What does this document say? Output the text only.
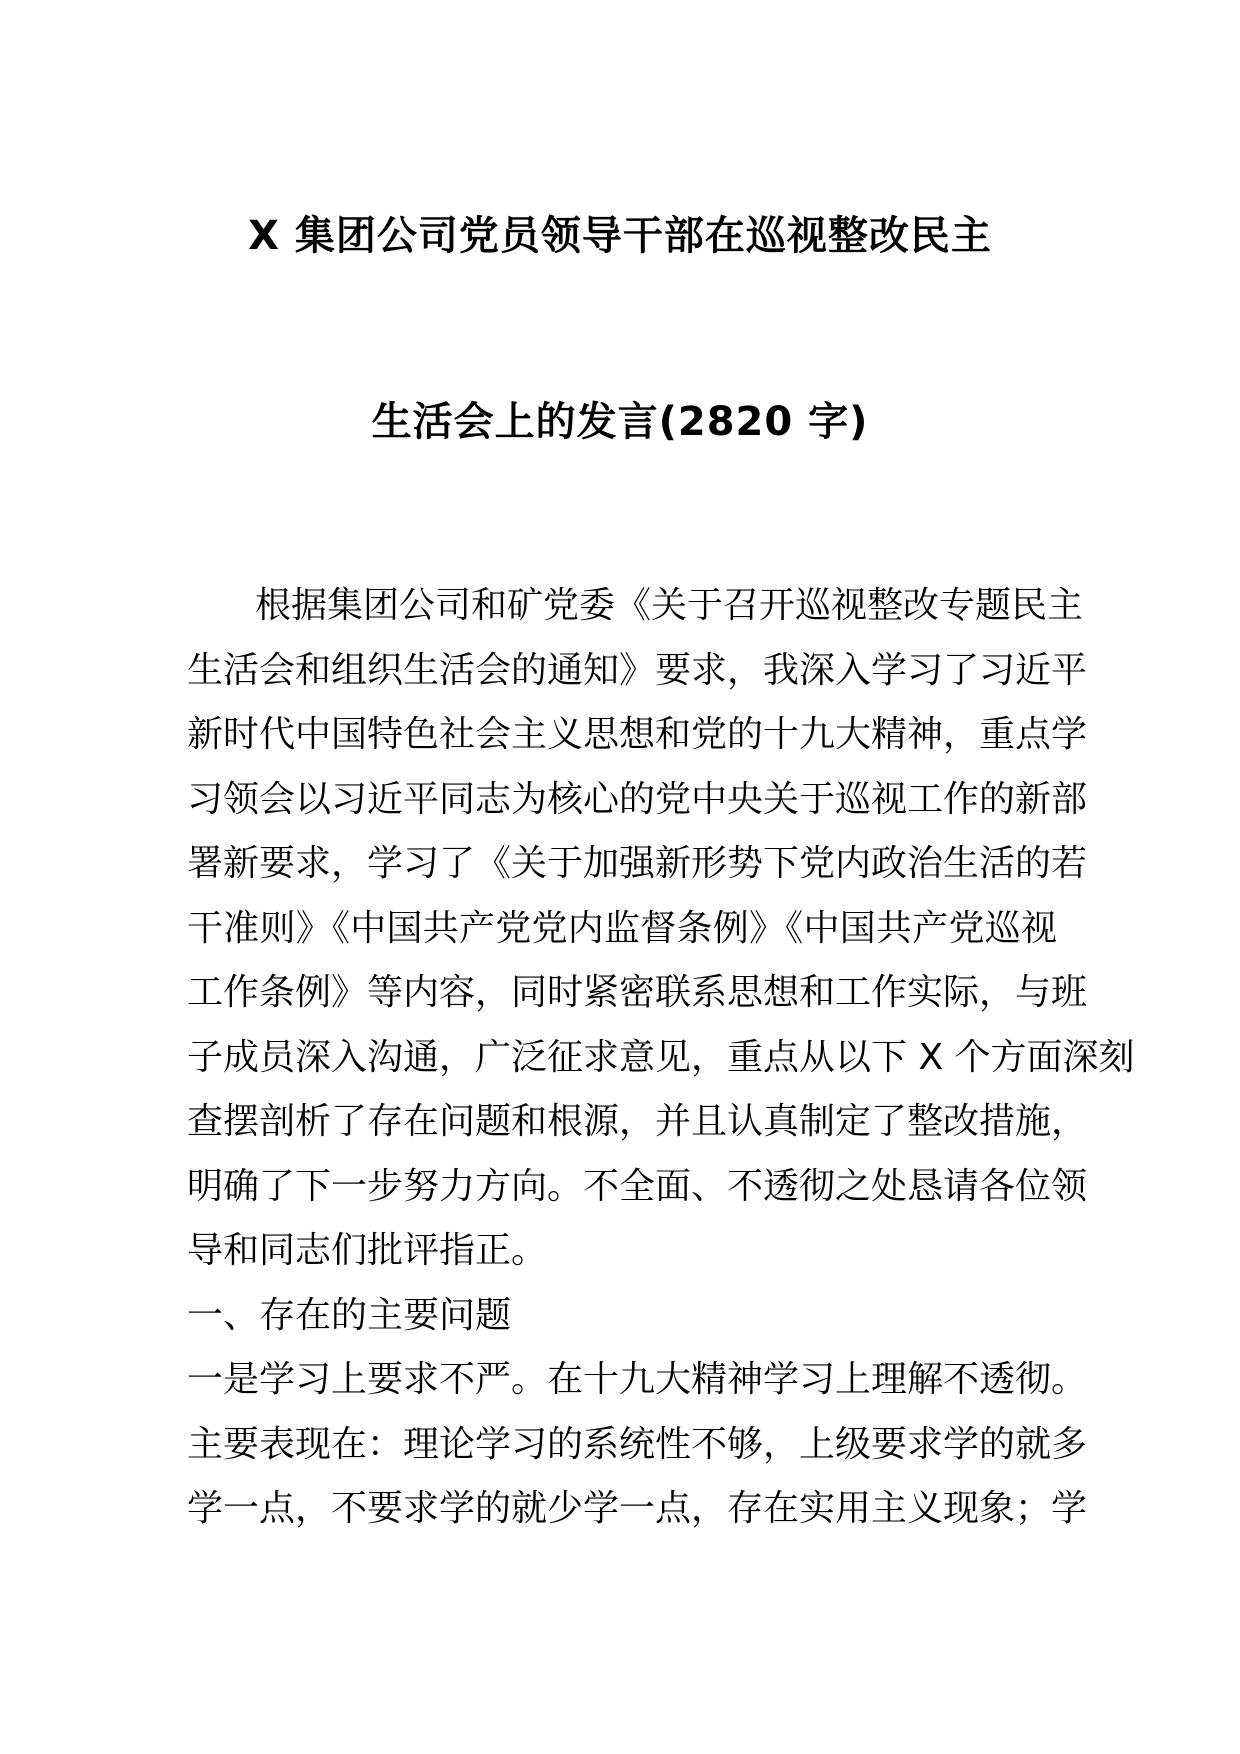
X 集团公司党员领导干部在巡视整改民主
生活会上的发言(2820 字)
根据集团公司和矿党委《关于召开巡视整改专题民主
生活会和组织生活会的通知》要求，我深入学习了习近平
新时代中国特色社会主义思想和党的十九大精神，重点学
习领会以习近平同志为核心的党中央关于巡视工作的新部
署新要求，学习了《关于加强新形势下党内政治生活的若
干准则》《中国共产党党内监督条例》《中国共产党巡视
工作条例》等内容，同时紧密联系思想和工作实际，与班
子成员深入沟通，广泛征求意见，重点从以下 X 个方面深刻
查摆剖析了存在问题和根源，并且认真制定了整改措施，
明确了下一步努力方向。不全面、不透彻之处恳请各位领
导和同志们批评指正。
一、存在的主要问题
一是学习上要求不严。在十九大精神学习上理解不透彻。
主要表现在：理论学习的系统性不够，上级要求学的就多
学一点，不要求学的就少学一点，存在实用主义现象；学
